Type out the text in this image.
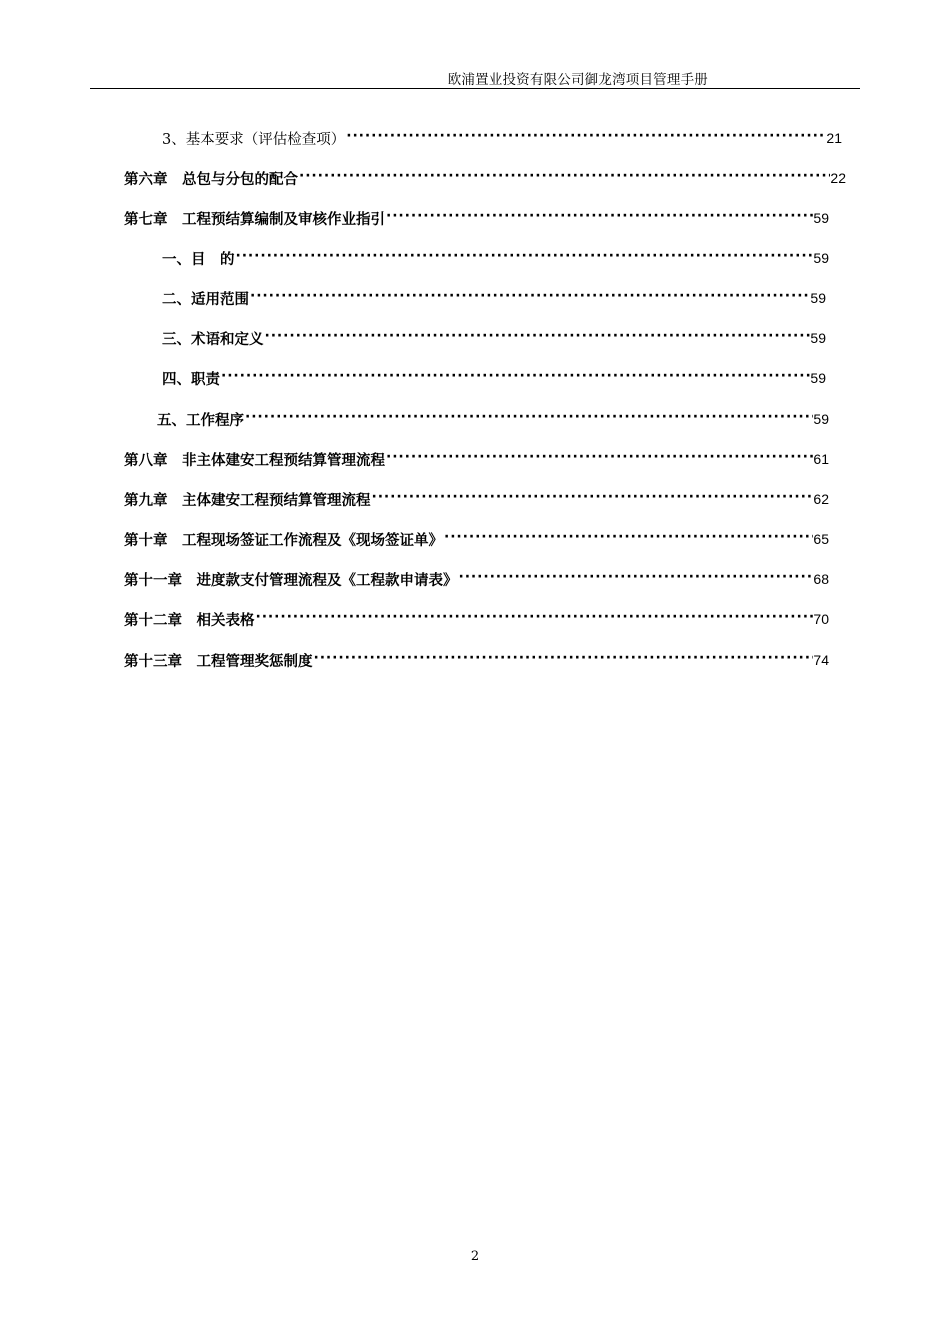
欧浦置业投资有限公司御龙湾项目管理手册
3、基本要求（评估检查项） ·····	21
第六章　总包与分包的配合 ·····	22
第七章　工程预结算编制及审核作业指引 ·····	59
一、目　的 ·····	59
二、适用范围 ·····	59
三、术语和定义 ·····	59
四、职责 ·····	59
五、工作程序 ·····	59
第八章　非主体建安工程预结算管理流程 ·····	61
第九章　主体建安工程预结算管理流程 ·····	62
第十章　工程现场签证工作流程及《现场签证单》 ·····	65
第十一章　进度款支付管理流程及《工程款申请表》 ·····	68
第十二章　相关表格 ·····	70
第十三章　工程管理奖惩制度 ·····	74
2
